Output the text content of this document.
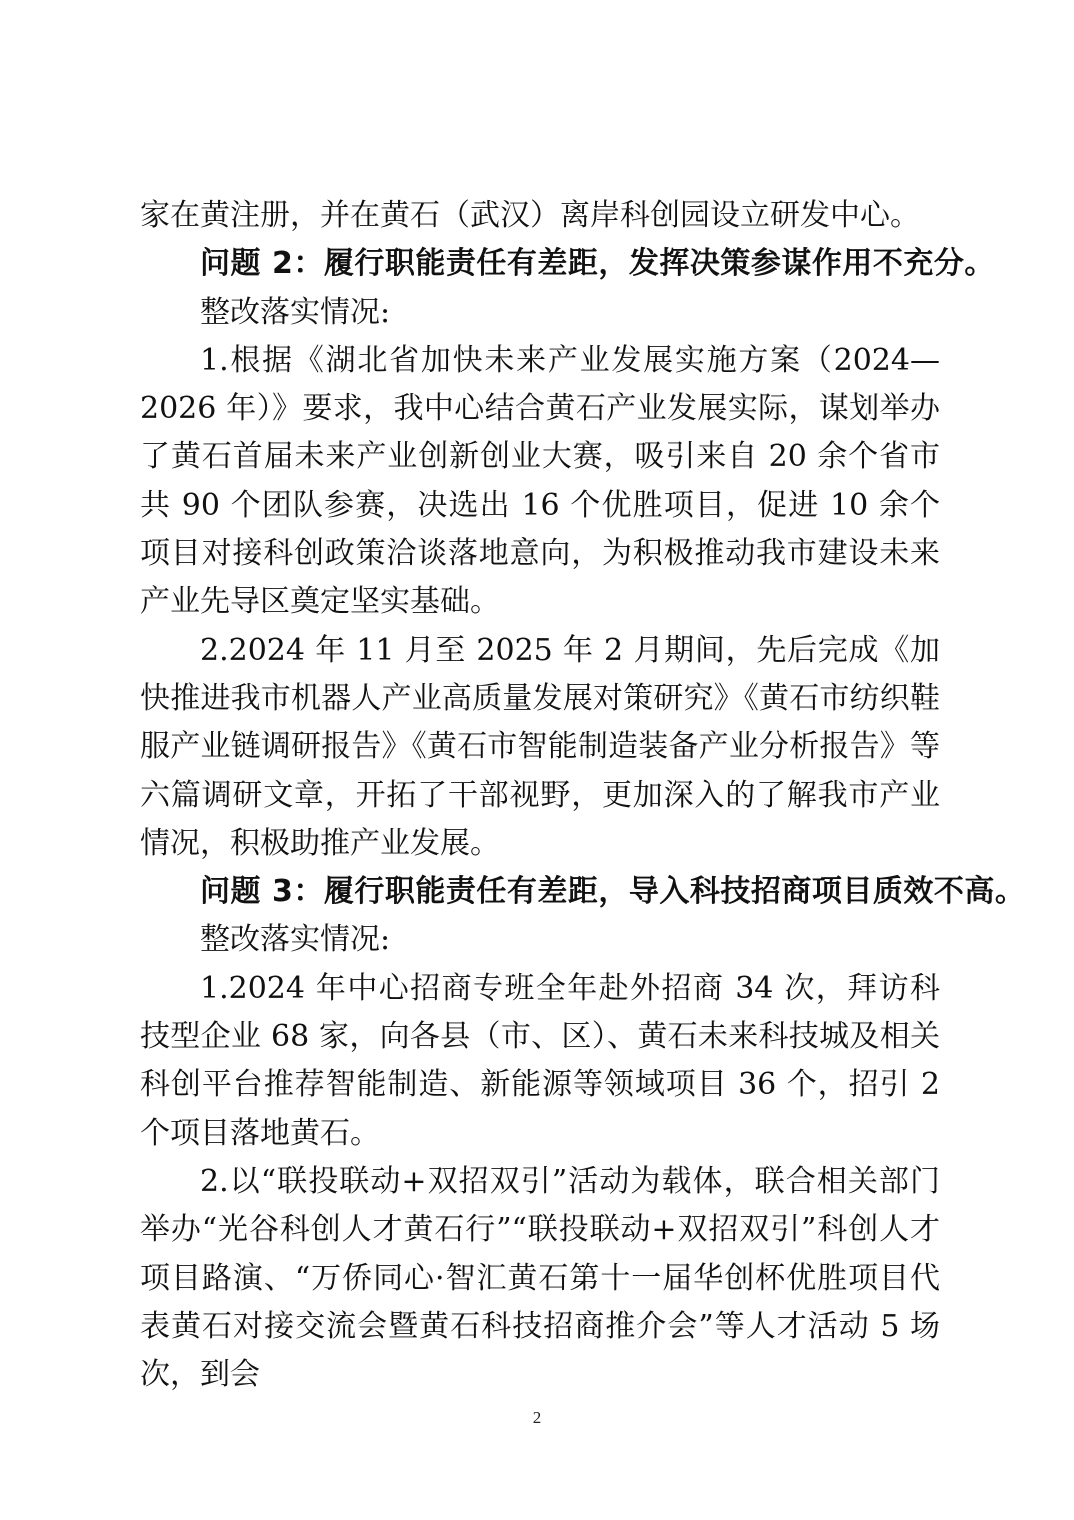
家在黄注册，并在黄石（武汉）离岸科创园设立研发中心。

问题 2：履行职能责任有差距，发挥决策参谋作用不充分。

整改落实情况:

1.根据《湖北省加快未来产业发展实施方案（2024—2026 年）》要求，我中心结合黄石产业发展实际，谋划举办了黄石首届未来产业创新创业大赛，吸引来自 20 余个省市共 90 个团队参赛，决选出 16 个优胜项目，促进 10 余个项目对接科创政策洽谈落地意向，为积极推动我市建设未来产业先导区奠定坚实基础。

2.2024 年 11 月至 2025 年 2 月期间，先后完成《加快推进我市机器人产业高质量发展对策研究》《黄石市纺织鞋服产业链调研报告》《黄石市智能制造装备产业分析报告》等六篇调研文章，开拓了干部视野，更加深入的了解我市产业情况，积极助推产业发展。

问题 3：履行职能责任有差距，导入科技招商项目质效不高。

整改落实情况:

1.2024 年中心招商专班全年赴外招商 34 次，拜访科技型企业 68 家，向各县（市、区）、黄石未来科技城及相关科创平台推荐智能制造、新能源等领域项目 36 个，招引 2 个项目落地黄石。

2.以“联投联动+双招双引”活动为载体，联合相关部门举办“光谷科创人才黄石行”“联投联动+双招双引”科创人才项目路演、“万侨同心·智汇黄石第十一届华创杯优胜项目代表黄石对接交流会暨黄石科技招商推介会”等人才活动 5 场次，到会

2
